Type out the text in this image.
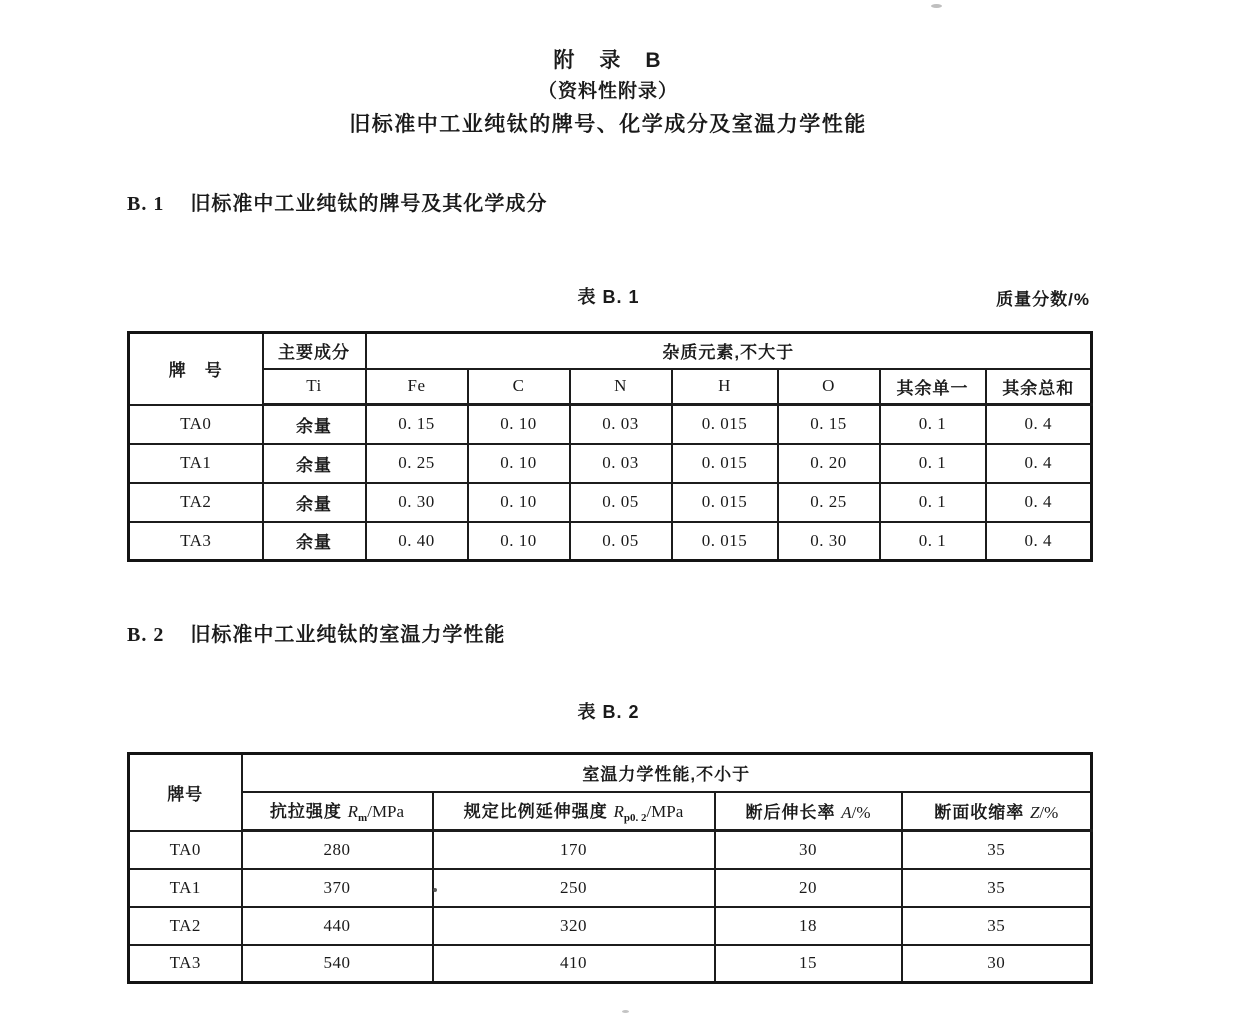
附　录　B
（资料性附录）
旧标准中工业纯钛的牌号、化学成分及室温力学性能
B. 1 旧标准中工业纯钛的牌号及其化学成分
表 B. 1	质量分数/%
牌　号	主要成分	杂质元素,不大于						
	Ti	Fe	C	N	H	O	其余单一	其余总和
TA0	余量	0. 15	0. 10	0. 03	0. 015	0. 15	0. 1	0. 4
TA1	余量	0. 25	0. 10	0. 03	0. 015	0. 20	0. 1	0. 4
TA2	余量	0. 30	0. 10	0. 05	0. 015	0. 25	0. 1	0. 4
TA3	余量	0. 40	0. 10	0. 05	0. 015	0. 30	0. 1	0. 4
B. 2 旧标准中工业纯钛的室温力学性能
表 B. 2
牌号	室温力学性能,不小于			
	抗拉强度 $R_m$/MPa	规定比例延伸强度 $R_{p0. 2}$/MPa	断后伸长率 A/%	断面收缩率 Z/%
TA0	280	170	30	35
TA1	370	250	20	35
TA2	440	320	18	35
TA3	540	410	15	30
